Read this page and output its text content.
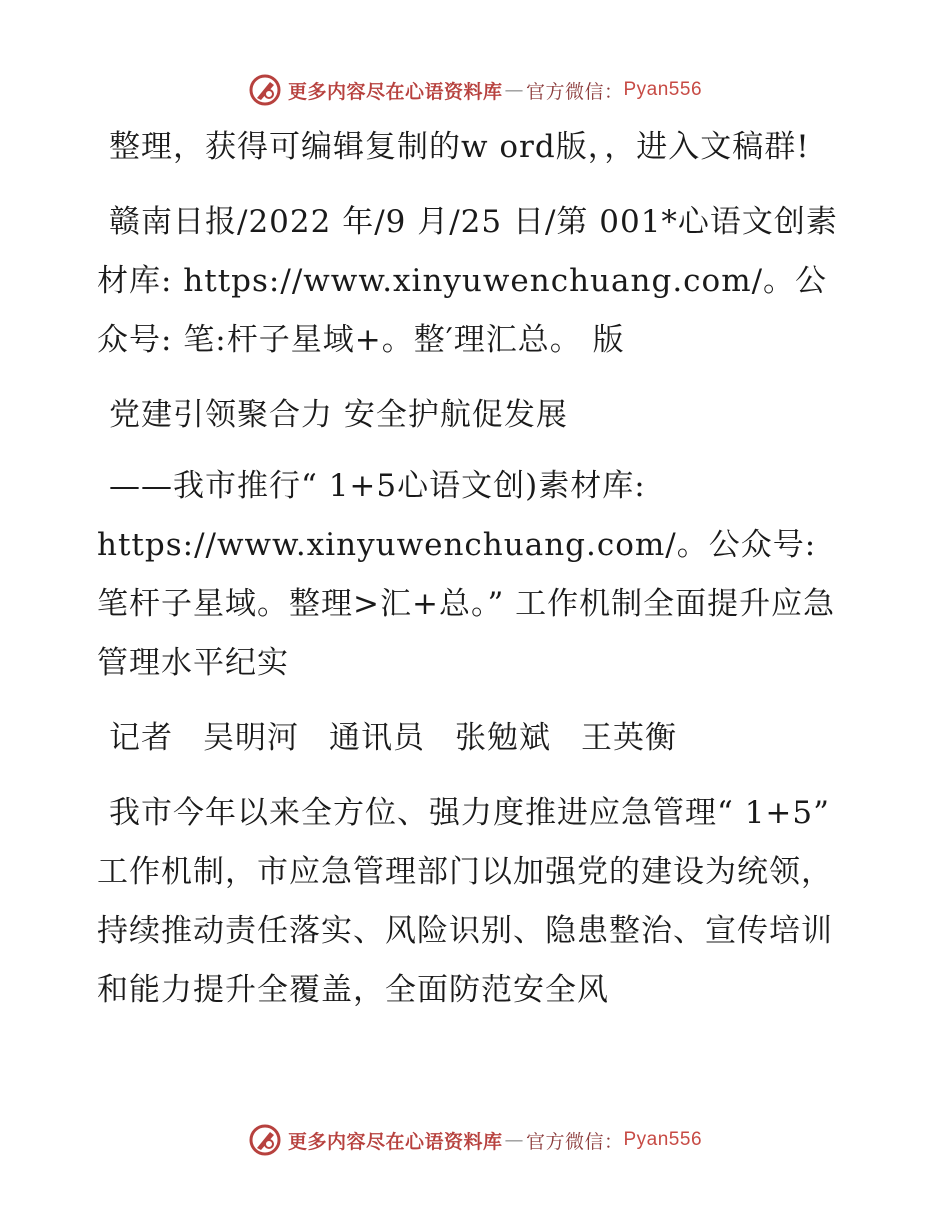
更多内容尽在心语资料库 — 官方微信： Pyan556

整理，获得可编辑复制的w ord版，，进入文稿群!

赣南日报/2022 年/9 月/25 日/第 001*心语文创素材库: https://www.xinyuwenchuang.com/。公众号: 笔:杆子星域+。整′理汇总。 版

党建引领聚合力 安全护航促发展

——我市推行“ 1+5心语文创)素材库: https://www.xinyuwenchuang.com/。公众号: 笔杆子星域。整理>汇+总。” 工作机制全面提升应急管理水平纪实

记者 吴明河 通讯员 张勉斌 王英衡

我市今年以来全方位、强力度推进应急管理“ 1+5” 工作机制，市应急管理部门以加强党的建设为统领，持续推动责任落实、风险识别、隐患整治、宣传培训和能力提升全覆盖，全面防范安全风

更多内容尽在心语资料库 — 官方微信： Pyan556
